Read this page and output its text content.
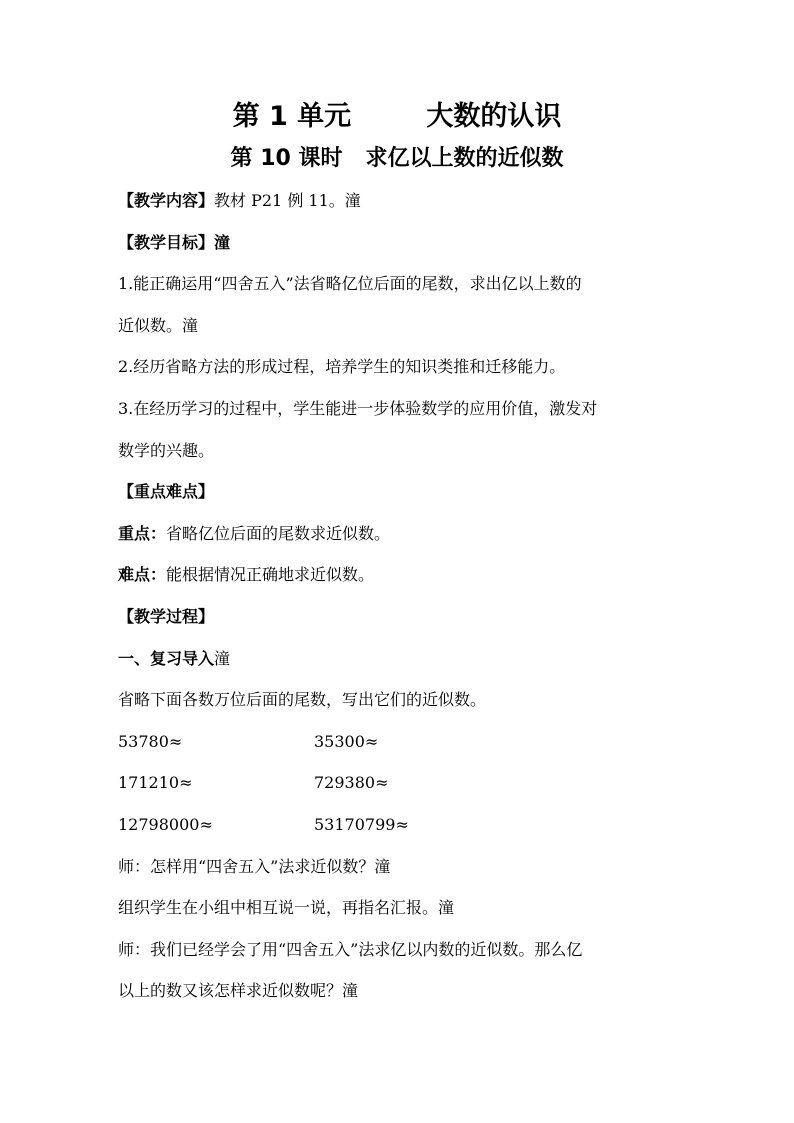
第 1 单元	大数的认识
第 10 课时 求亿以上数的近似数
【教学内容】教材 P21 例 11。潼
【教学目标】潼
1.能正确运用“四舍五入”法省略亿位后面的尾数，求出亿以上数的
近似数。潼
2.经历省略方法的形成过程，培养学生的知识类推和迁移能力。
3.在经历学习的过程中，学生能进一步体验数学的应用价值，激发对
数学的兴趣。
【重点难点】
重点：省略亿位后面的尾数求近似数。
难点：能根据情况正确地求近似数。
【教学过程】
一、复习导入潼
省略下面各数万位后面的尾数，写出它们的近似数。
53780≈	35300≈
171210≈	729380≈
12798000≈	53170799≈
师：怎样用“四舍五入”法求近似数？潼
组织学生在小组中相互说一说，再指名汇报。潼
师：我们已经学会了用“四舍五入”法求亿以内数的近似数。那么亿
以上的数又该怎样求近似数呢？潼
